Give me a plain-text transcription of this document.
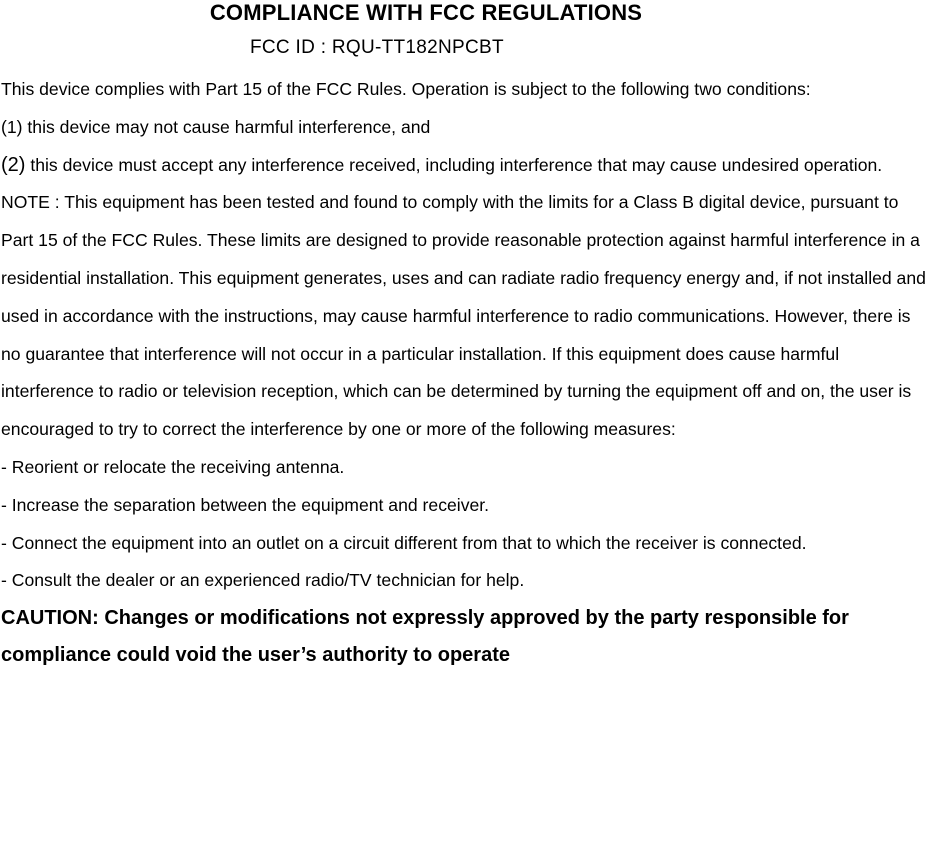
COMPLIANCE WITH FCC REGULATIONS
FCC ID : RQU-TT182NPCBT

This device complies with Part 15 of the FCC Rules. Operation is subject to the following two conditions:

(1) this device may not cause harmful interference, and

(2) this device must accept any interference received, including interference that may cause undesired operation.

NOTE : This equipment has been tested and found to comply with the limits for a Class B digital device, pursuant to Part 15 of the FCC Rules. These limits are designed to provide reasonable protection against harmful interference in a residential installation. This equipment generates, uses and can radiate radio frequency energy and, if not installed and used in accordance with the instructions, may cause harmful interference to radio communications. However, there is no guarantee that interference will not occur in a particular installation. If this equipment does cause harmful interference to radio or television reception, which can be determined by turning the equipment off and on, the user is encouraged to try to correct the interference by one or more of the following measures:

- Reorient or relocate the receiving antenna.

- Increase the separation between the equipment and receiver.

- Connect the equipment into an outlet on a circuit different from that to which the receiver is connected.

- Consult the dealer or an experienced radio/TV technician for help.

CAUTION: Changes or modifications not expressly approved by the party responsible for compliance could void the user’s authority to operate
